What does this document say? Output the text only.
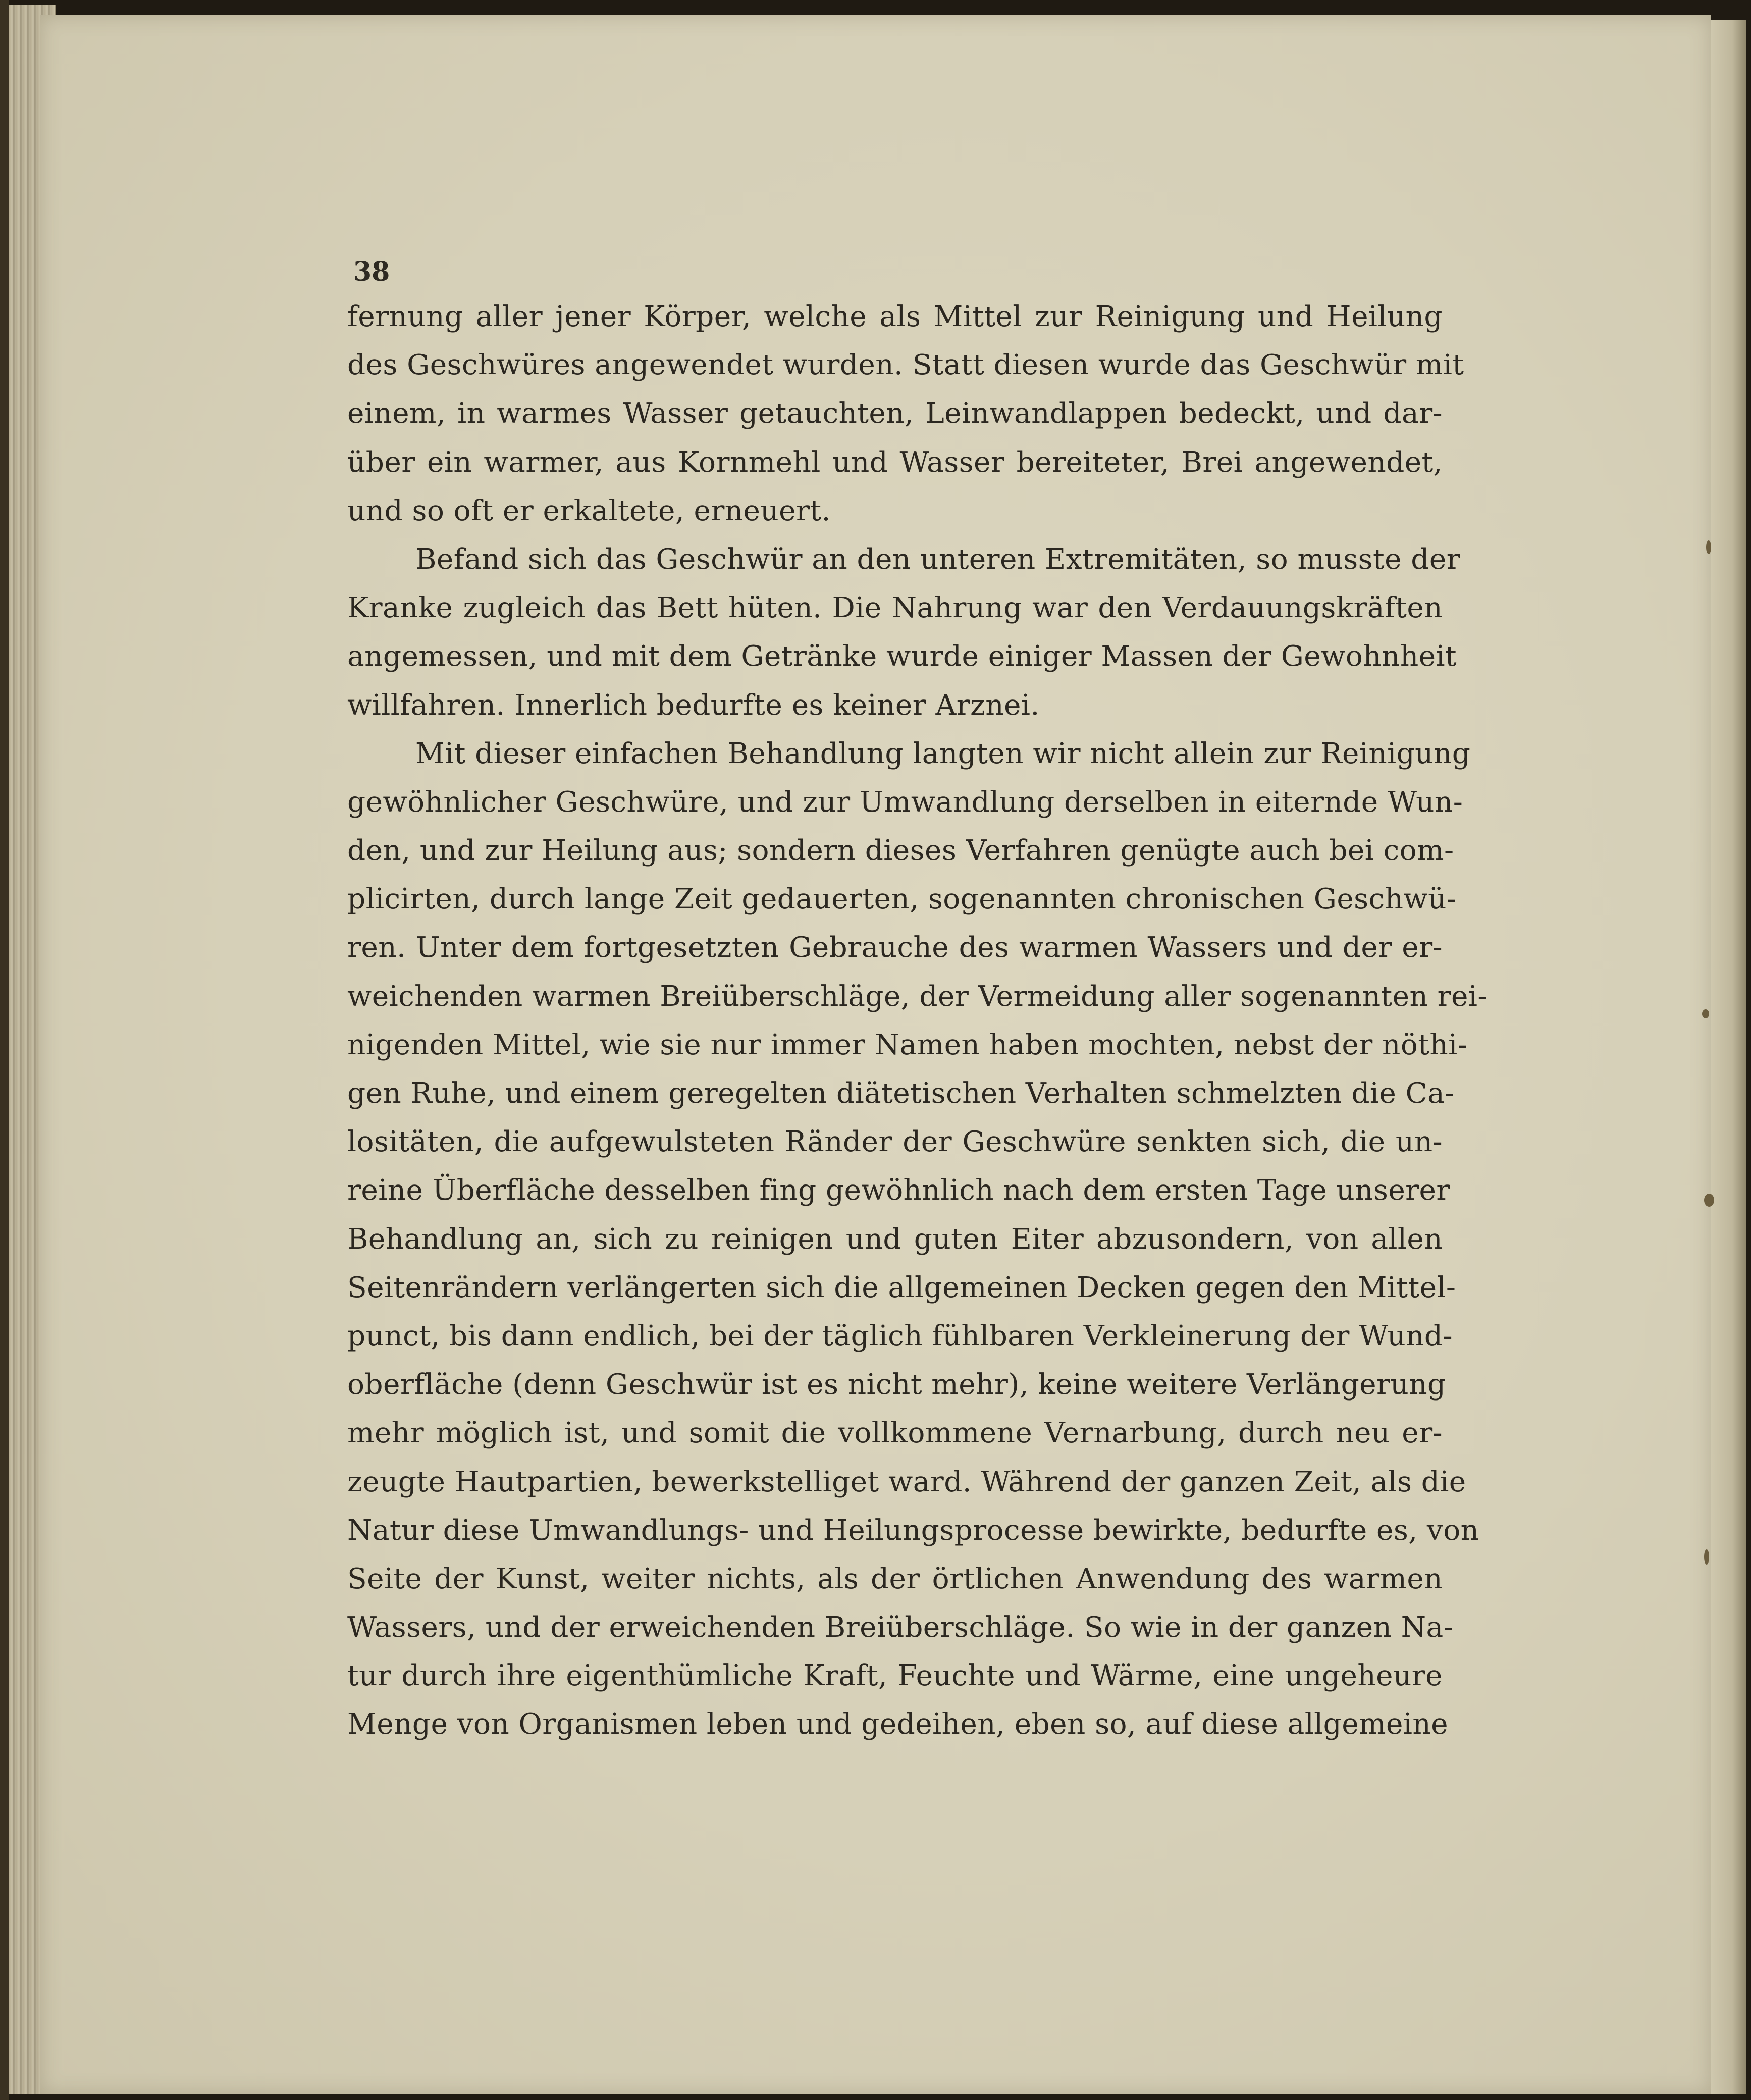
38
fernung aller jener Körper, welche als Mittel zur Reinigung und Heilung
des Geschwüres angewendet wurden. Statt diesen wurde das Geschwür mit
einem, in warmes Wasser getauchten, Leinwandlappen bedeckt, und dar-
über ein warmer, aus Kornmehl und Wasser bereiteter, Brei angewendet,
und so oft er erkaltete, erneuert.
Befand sich das Geschwür an den unteren Extremitäten, so musste der
Kranke zugleich das Bett hüten. Die Nahrung war den Verdauungskräften
angemessen, und mit dem Getränke wurde einiger Massen der Gewohnheit
willfahren. Innerlich bedurfte es keiner Arznei.
Mit dieser einfachen Behandlung langten wir nicht allein zur Reinigung
gewöhnlicher Geschwüre, und zur Umwandlung derselben in eiternde Wun-
den, und zur Heilung aus; sondern dieses Verfahren genügte auch bei com-
plicirten, durch lange Zeit gedauerten, sogenannten chronischen Geschwü-
ren. Unter dem fortgesetzten Gebrauche des warmen Wassers und der er-
weichenden warmen Breiüberschläge, der Vermeidung aller sogenannten rei-
nigenden Mittel, wie sie nur immer Namen haben mochten, nebst der nöthi-
gen Ruhe, und einem geregelten diätetischen Verhalten schmelzten die Ca-
lositäten, die aufgewulsteten Ränder der Geschwüre senkten sich, die un-
reine Überfläche desselben fing gewöhnlich nach dem ersten Tage unserer
Behandlung an, sich zu reinigen und guten Eiter abzusondern, von allen
Seitenrändern verlängerten sich die allgemeinen Decken gegen den Mittel-
punct, bis dann endlich, bei der täglich fühlbaren Verkleinerung der Wund-
oberfläche (denn Geschwür ist es nicht mehr), keine weitere Verlängerung
mehr möglich ist, und somit die vollkommene Vernarbung, durch neu er-
zeugte Hautpartien, bewerkstelliget ward. Während der ganzen Zeit, als die
Natur diese Umwandlungs- und Heilungsprocesse bewirkte, bedurfte es, von
Seite der Kunst, weiter nichts, als der örtlichen Anwendung des warmen
Wassers, und der erweichenden Breiüberschläge. So wie in der ganzen Na-
tur durch ihre eigenthümliche Kraft, Feuchte und Wärme, eine ungeheure
Menge von Organismen leben und gedeihen, eben so, auf diese allgemeine
